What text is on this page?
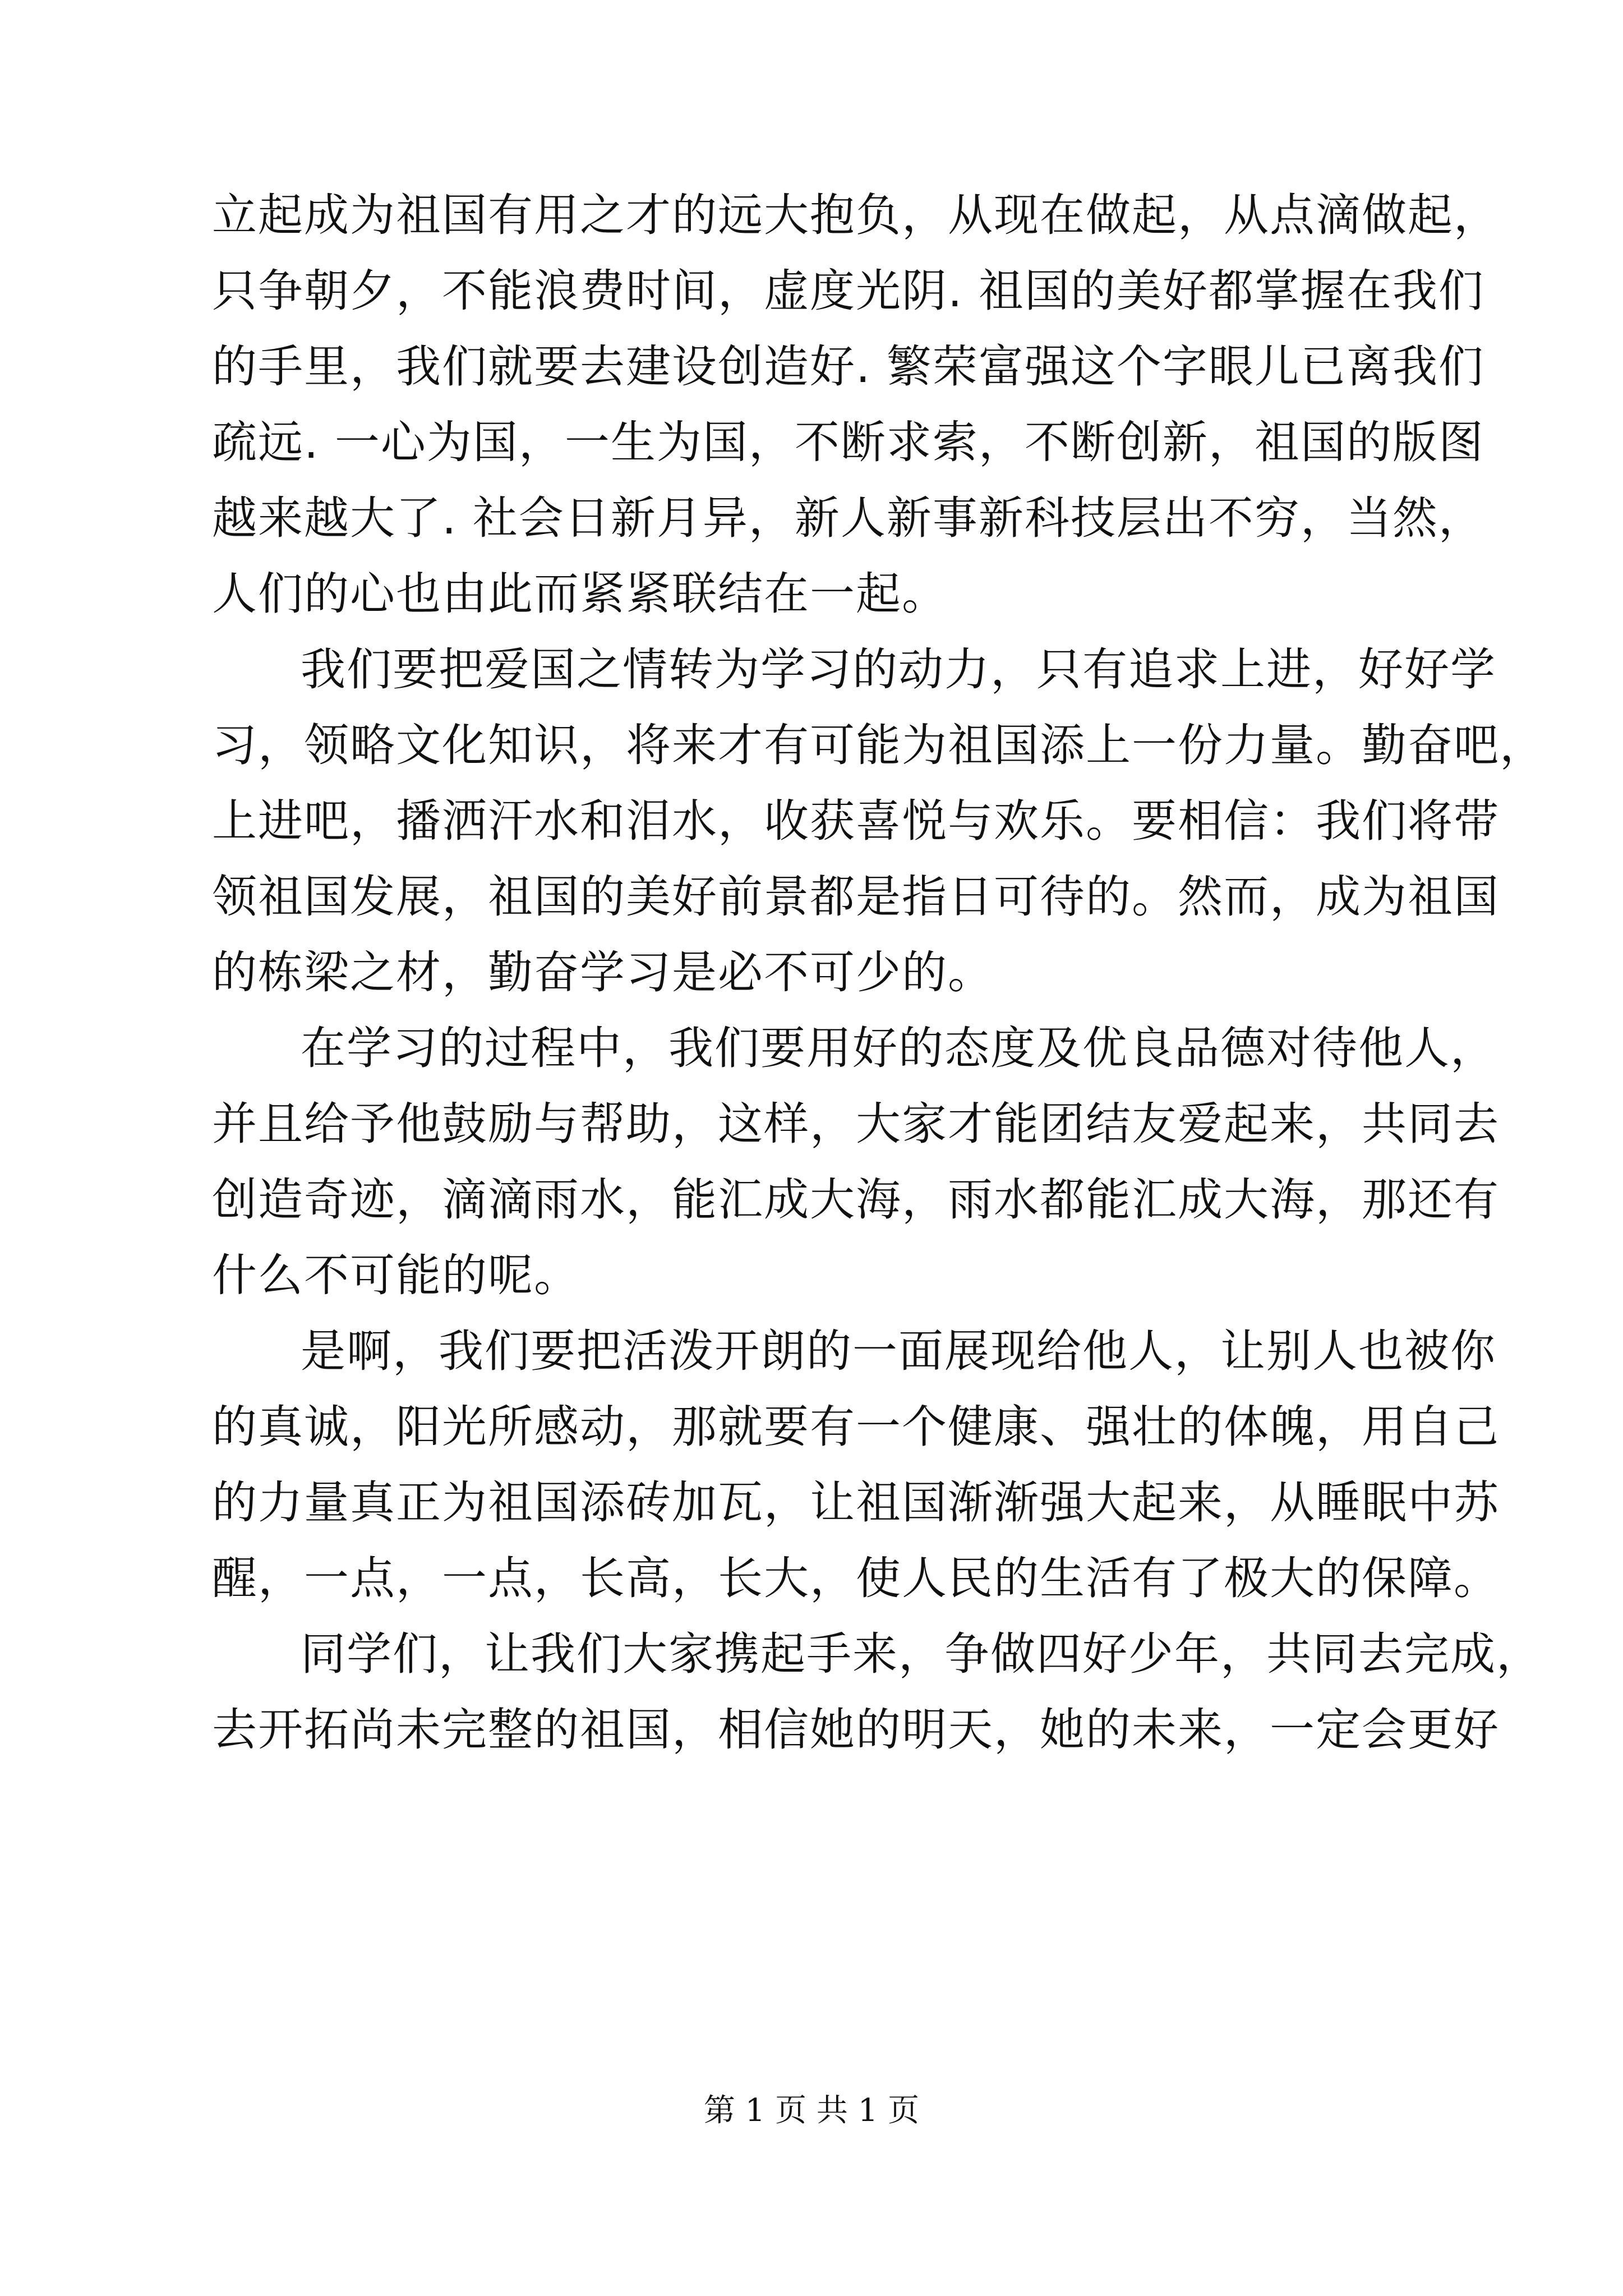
立起成为祖国有用之才的远大抱负，从现在做起，从点滴做起，
只争朝夕，不能浪费时间，虚度光阴. 祖国的美好都掌握在我们
的手里，我们就要去建设创造好. 繁荣富强这个字眼儿已离我们
疏远. 一心为国，一生为国，不断求索，不断创新，祖国的版图
越来越大了. 社会日新月异，新人新事新科技层出不穷，当然，
人们的心也由此而紧紧联结在一起。
我们要把爱国之情转为学习的动力，只有追求上进，好好学
习，领略文化知识，将来才有可能为祖国添上一份力量。勤奋吧，
上进吧，播洒汗水和泪水，收获喜悦与欢乐。要相信：我们将带
领祖国发展，祖国的美好前景都是指日可待的。然而，成为祖国
的栋梁之材，勤奋学习是必不可少的。
在学习的过程中，我们要用好的态度及优良品德对待他人，
并且给予他鼓励与帮助，这样，大家才能团结友爱起来，共同去
创造奇迹，滴滴雨水，能汇成大海，雨水都能汇成大海，那还有
什么不可能的呢。
是啊，我们要把活泼开朗的一面展现给他人，让别人也被你
的真诚，阳光所感动，那就要有一个健康、强壮的体魄，用自己
的力量真正为祖国添砖加瓦，让祖国渐渐强大起来，从睡眠中苏
醒，一点，一点，长高，长大，使人民的生活有了极大的保障。
同学们，让我们大家携起手来，争做四好少年，共同去完成，
去开拓尚未完整的祖国，相信她的明天，她的未来，一定会更好
第 1 页 共 1 页
